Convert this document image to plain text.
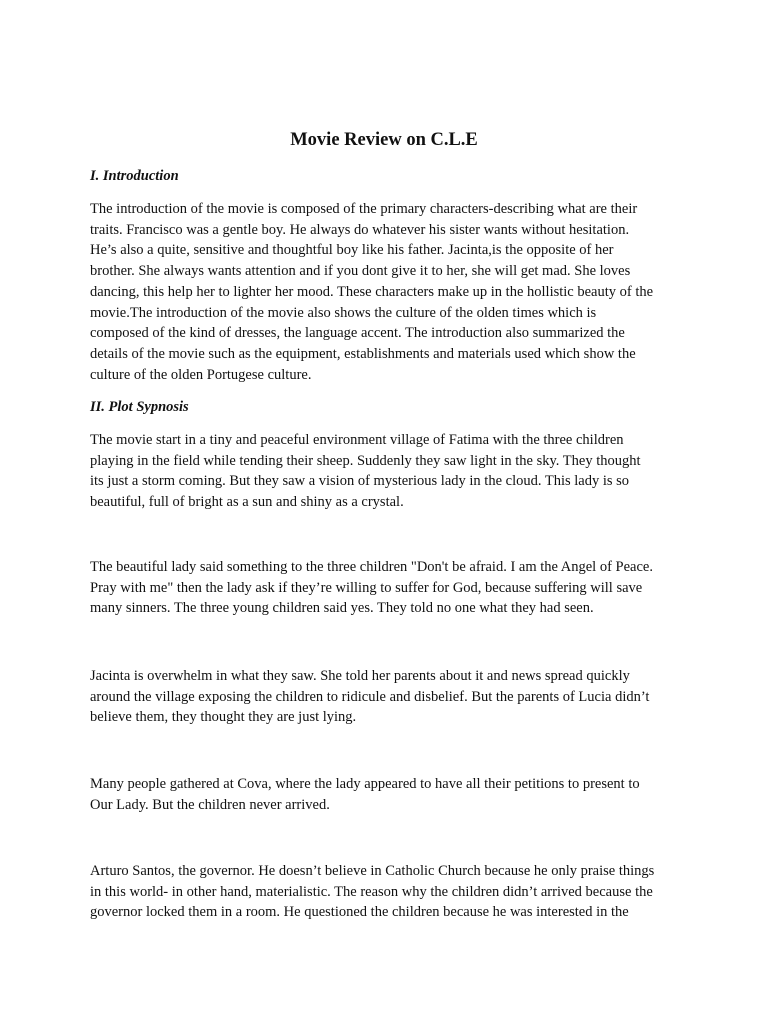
Movie Review on C.L.E
I. Introduction

The introduction of the movie is composed of the primary characters-describing what are their
traits. Francisco was a gentle boy. He always do whatever his sister wants without hesitation.
He’s also a quite, sensitive and thoughtful boy like his father. Jacinta,is the opposite of her
brother. She always wants attention and if you dont give it to her, she will get mad. She loves
dancing, this help her to lighter her mood. These characters make up in the hollistic beauty of the
movie.The introduction of the movie also shows the culture of the olden times which is
composed of the kind of dresses, the language accent. The introduction also summarized the
details of the movie such as the equipment, establishments and materials used which show the
culture of the olden Portugese culture.

II. Plot Sypnosis

The movie start in a tiny and peaceful environment village of Fatima with the three children
playing in the field while tending their sheep. Suddenly they saw light in the sky. They thought
its just a storm coming. But they saw a vision of mysterious lady in the cloud. This lady is so
beautiful, full of bright as a sun and shiny as a crystal.

The beautiful lady said something to the three children "Don't be afraid. I am the Angel of Peace.
Pray with me" then the lady ask if they’re willing to suffer for God, because suffering will save
many sinners. The three young children said yes. They told no one what they had seen.

Jacinta is overwhelm in what they saw. She told her parents about it and news spread quickly
around the village exposing the children to ridicule and disbelief. But the parents of Lucia didn’t
believe them, they thought they are just lying.

Many people gathered at Cova, where the lady appeared to have all their petitions to present to
Our Lady. But the children never arrived.

Arturo Santos, the governor. He doesn’t believe in Catholic Church because he only praise things
in this world- in other hand, materialistic. The reason why the children didn’t arrived because the
governor locked them in a room. He questioned the children because he was interested in the
